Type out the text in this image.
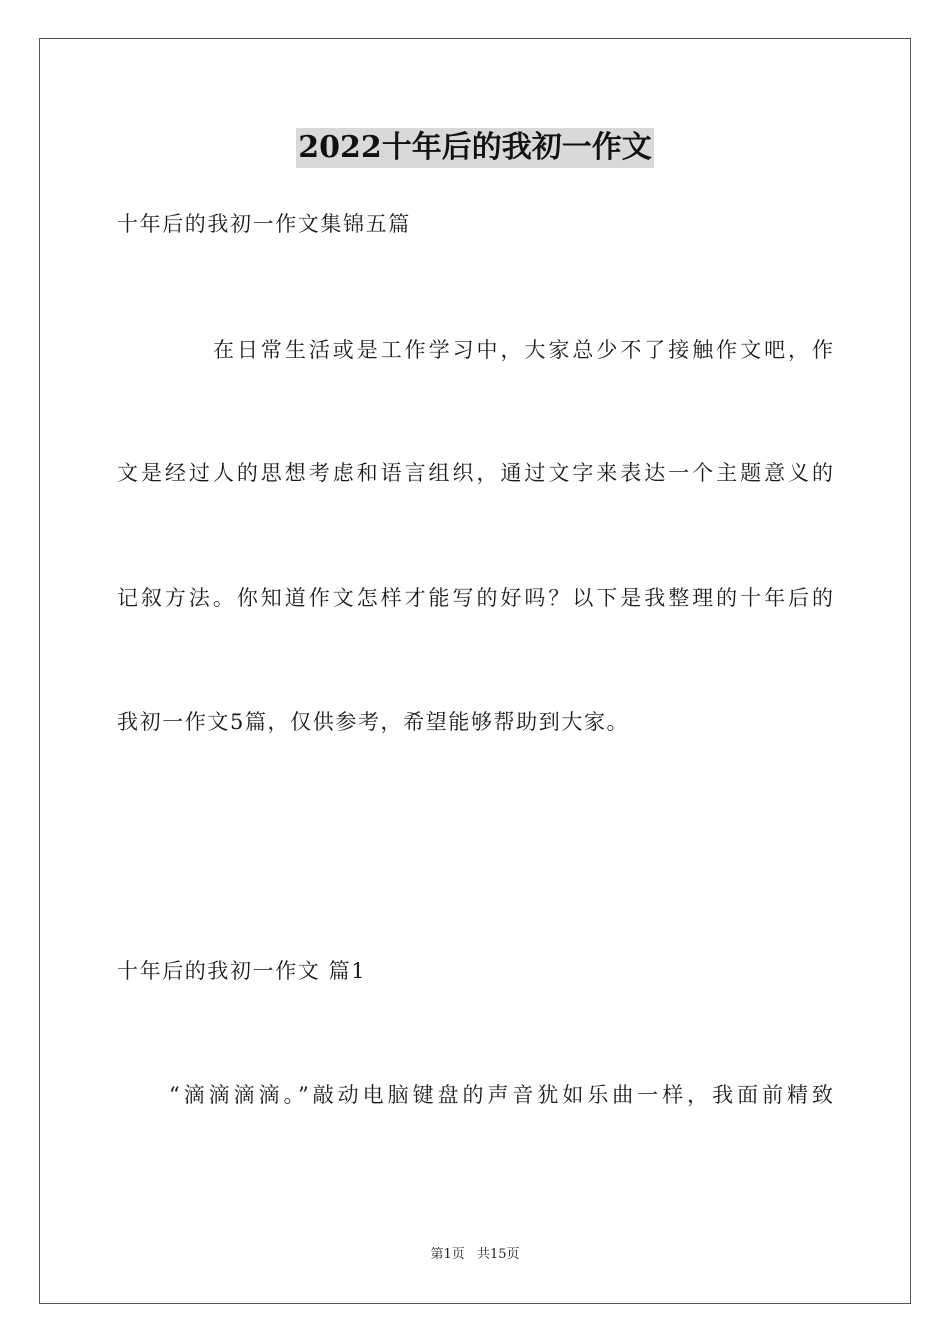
2022十年后的我初一作文
十年后的我初一作文集锦五篇
在日常生活或是工作学习中，大家总少不了接触作文吧，作
文是经过人的思想考虑和语言组织，通过文字来表达一个主题意义的
记叙方法。你知道作文怎样才能写的好吗？以下是我整理的十年后的
我初一作文5篇，仅供参考，希望能够帮助到大家。
十年后的我初一作文 篇1
“滴滴滴滴。”敲动电脑键盘的声音犹如乐曲一样，我面前精致
第1页 共15页
